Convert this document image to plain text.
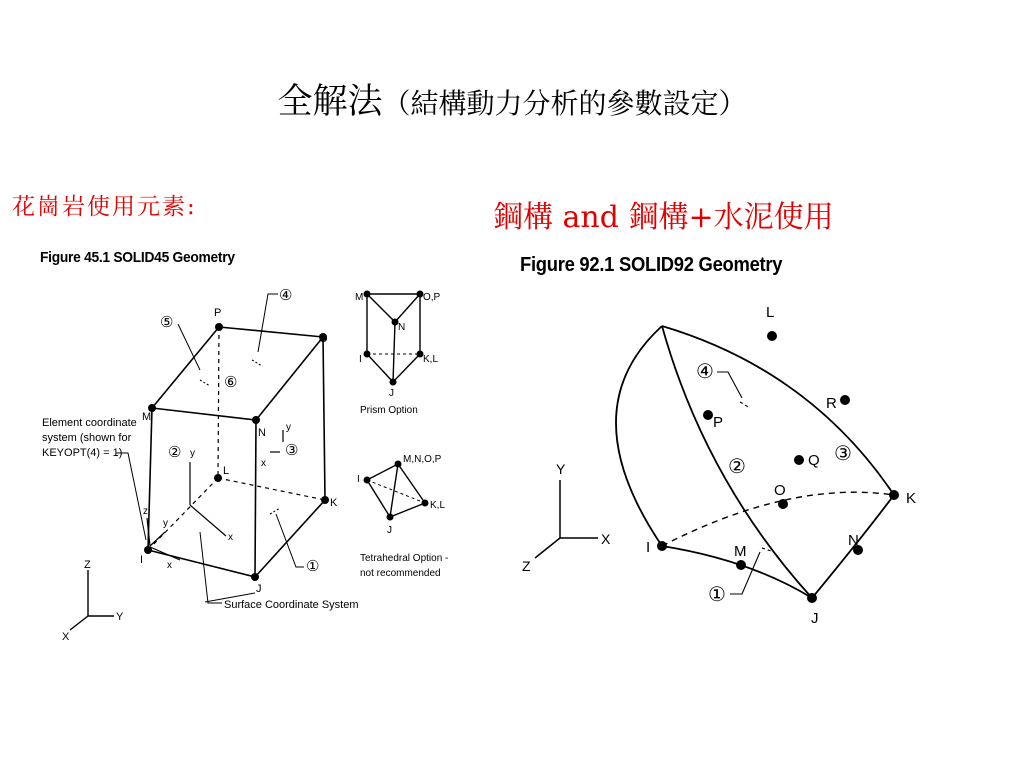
全解法（結構動力分析的參數設定）
花崗岩使用元素:	鋼構 and 鋼構+水泥使用
Figure 45.1 SOLID45 Geometry	Figure 92.1 SOLID92 Geometry
P
O
M
N
L
K
I
J
④
⑤
⑥
②	③
①
y
x
z
y
x
y
x
Element coordinate
system (shown for
KEYOPT(4) = 1)
Surface Coordinate System
Z
Y
X
M	O,P
N
I	K,L
J
Prism Option
M,N,O,P
I
K,L
J
Tetrahedral Option -
not recommended
L
P
R
Q
O	K
I	M
N
J
④
②
③
①
Y
X
Z
